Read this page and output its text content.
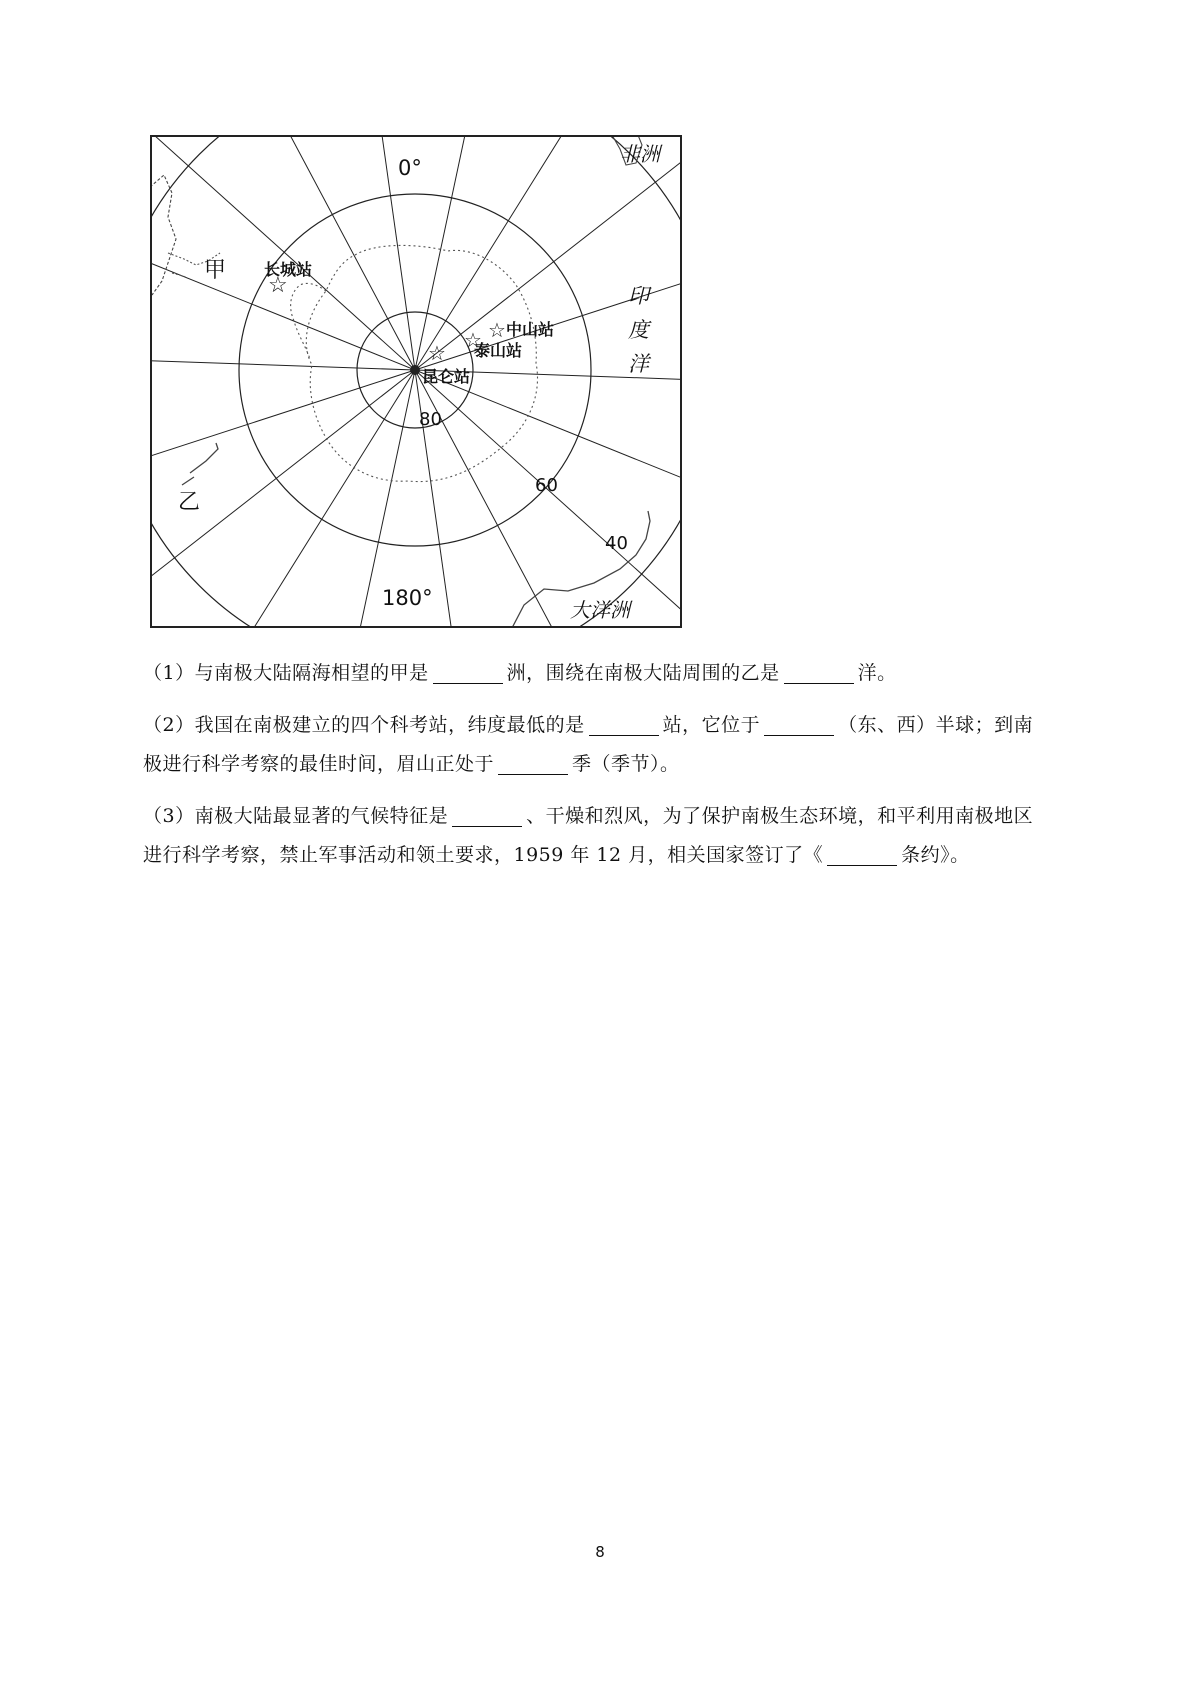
0°
180°
80
60
40
非洲
大洋洲
印
度
洋
甲
乙
☆
长城站
☆ 中山站
☆
泰山站
☆
昆仑站
（1）与南极大陆隔海相望的甲是	洲，围绕在南极大陆周围的乙是	洋。
（2）我国在南极建立的四个科考站，纬度最低的是	站，它位于	（东、西）半球；到南
极进行科学考察的最佳时间，眉山正处于	季（季节）。
（3）南极大陆最显著的气候特征是	、干燥和烈风，为了保护南极生态环境，和平利用南极地区
进行科学考察，禁止军事活动和领土要求，1959 年 12 月，相关国家签订了《	条约》。
8
